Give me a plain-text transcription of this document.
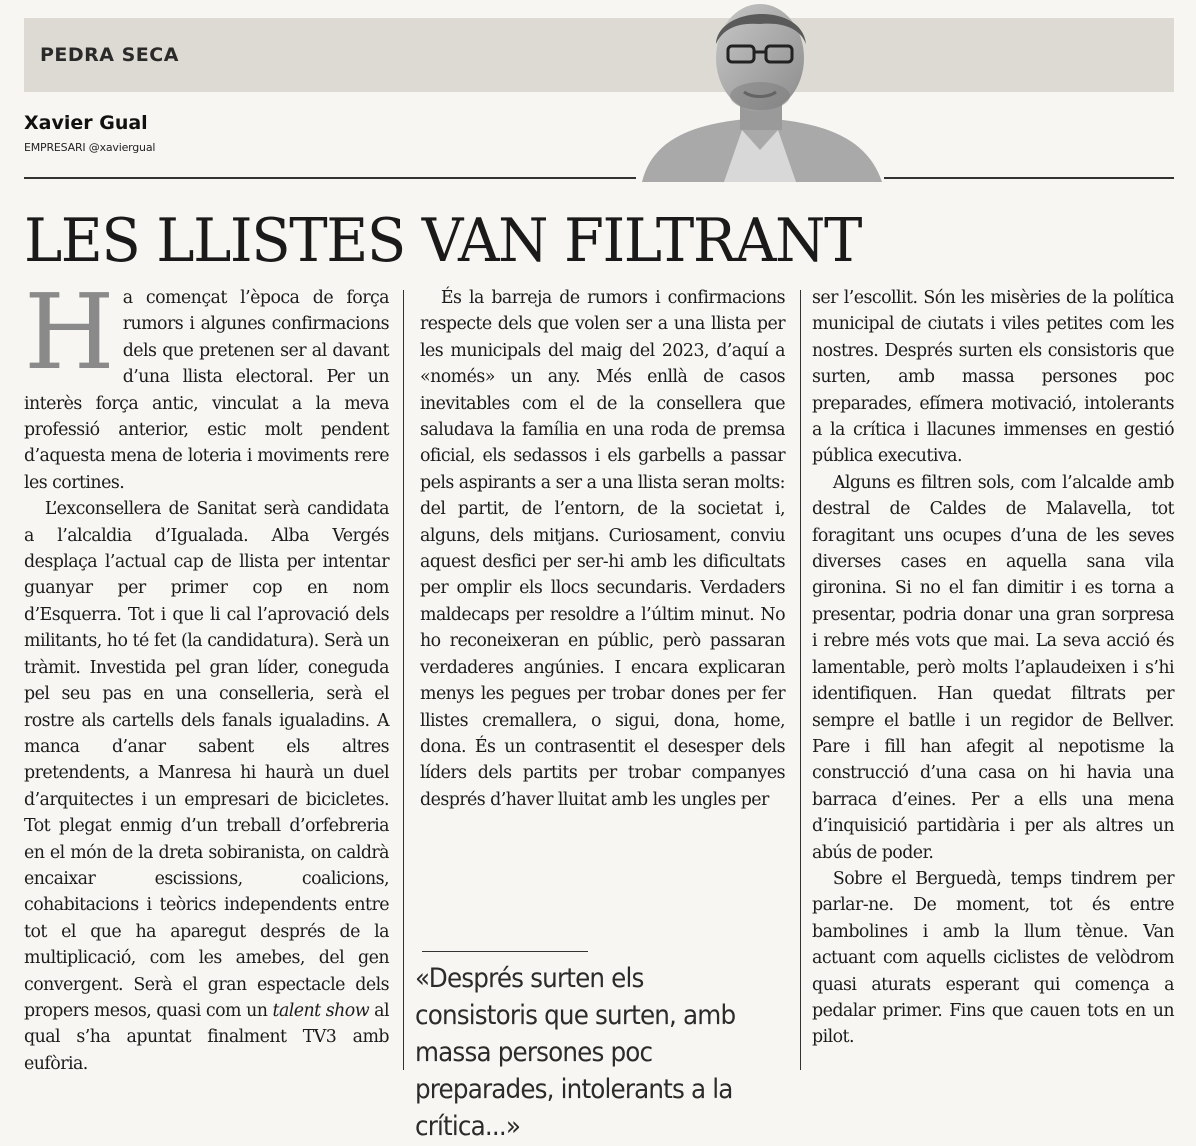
PEDRA SECA
Xavier Gual
EMPRESARI @xaviergual
LES LLISTES VAN FILTRANT

Ha començat l’època de força rumors i algunes confirmacions dels que pretenen ser al davant d’una llista electoral. Per un interès força antic, vinculat a la meva professió anterior, estic molt pendent d’aquesta mena de loteria i moviments rere les cortines.

L’exconsellera de Sanitat serà candidata a l’alcaldia d’Igualada. Alba Vergés desplaça l’actual cap de llista per intentar guanyar per primer cop en nom d’Esquerra. Tot i que li cal l’aprovació dels militants, ho té fet (la candidatura). Serà un tràmit. Investida pel gran líder, coneguda pel seu pas en una conselleria, serà el rostre als cartells dels fanals igualadins. A manca d’anar sabent els altres pretendents, a Manresa hi haurà un duel d’arquitectes i un empresari de bicicletes. Tot plegat enmig d’un treball d’orfebreria en el món de la dreta sobiranista, on caldrà encaixar escissions, coalicions, cohabitacions i teòrics independents entre tot el que ha aparegut després de la multiplicació, com les amebes, del gen convergent. Serà el gran espectacle dels propers mesos, quasi com un talent show al qual s’ha apuntat finalment TV3 amb eufòria.

És la barreja de rumors i confirmacions respecte dels que volen ser a una llista per les municipals del maig del 2023, d’aquí a «només» un any. Més enllà de casos inevitables com el de la consellera que saludava la família en una roda de premsa oficial, els sedassos i els garbells a passar pels aspirants a ser a una llista seran molts: del partit, de l’entorn, de la societat i, alguns, dels mitjans. Curiosament, conviu aquest desfici per ser-hi amb les dificultats per omplir els llocs secundaris. Verdaders maldecaps per resoldre a l’últim minut. No ho reconeixeran en públic, però passaran verdaderes angúnies. I encara explicaran menys les pegues per trobar dones per fer llistes cremallera, o sigui, dona, home, dona. És un contrasentit el desesper dels líders dels partits per trobar companyes després d’haver lluitat amb les ungles per

«Després surten els consistoris que surten, amb massa persones poc preparades, intolerants a la crítica...»

ser l’escollit. Són les misèries de la política municipal de ciutats i viles petites com les nostres. Després surten els consistoris que surten, amb massa persones poc preparades, efímera motivació, intolerants a la crítica i llacunes immenses en gestió pública executiva.

Alguns es filtren sols, com l’alcalde amb destral de Caldes de Malavella, tot foragitant uns ocupes d’una de les seves diverses cases en aquella sana vila gironina. Si no el fan dimitir i es torna a presentar, podria donar una gran sorpresa i rebre més vots que mai. La seva acció és lamentable, però molts l’aplaudeixen i s’hi identifiquen. Han quedat filtrats per sempre el batlle i un regidor de Bellver. Pare i fill han afegit al nepotisme la construcció d’una casa on hi havia una barraca d’eines. Per a ells una mena d’inquisició partidària i per als altres un abús de poder.

Sobre el Berguedà, temps tindrem per parlar-ne. De moment, tot és entre bambolines i amb la llum tènue. Van actuant com aquells ciclistes de velòdrom quasi aturats esperant qui comença a pedalar primer. Fins que cauen tots en un pilot.
